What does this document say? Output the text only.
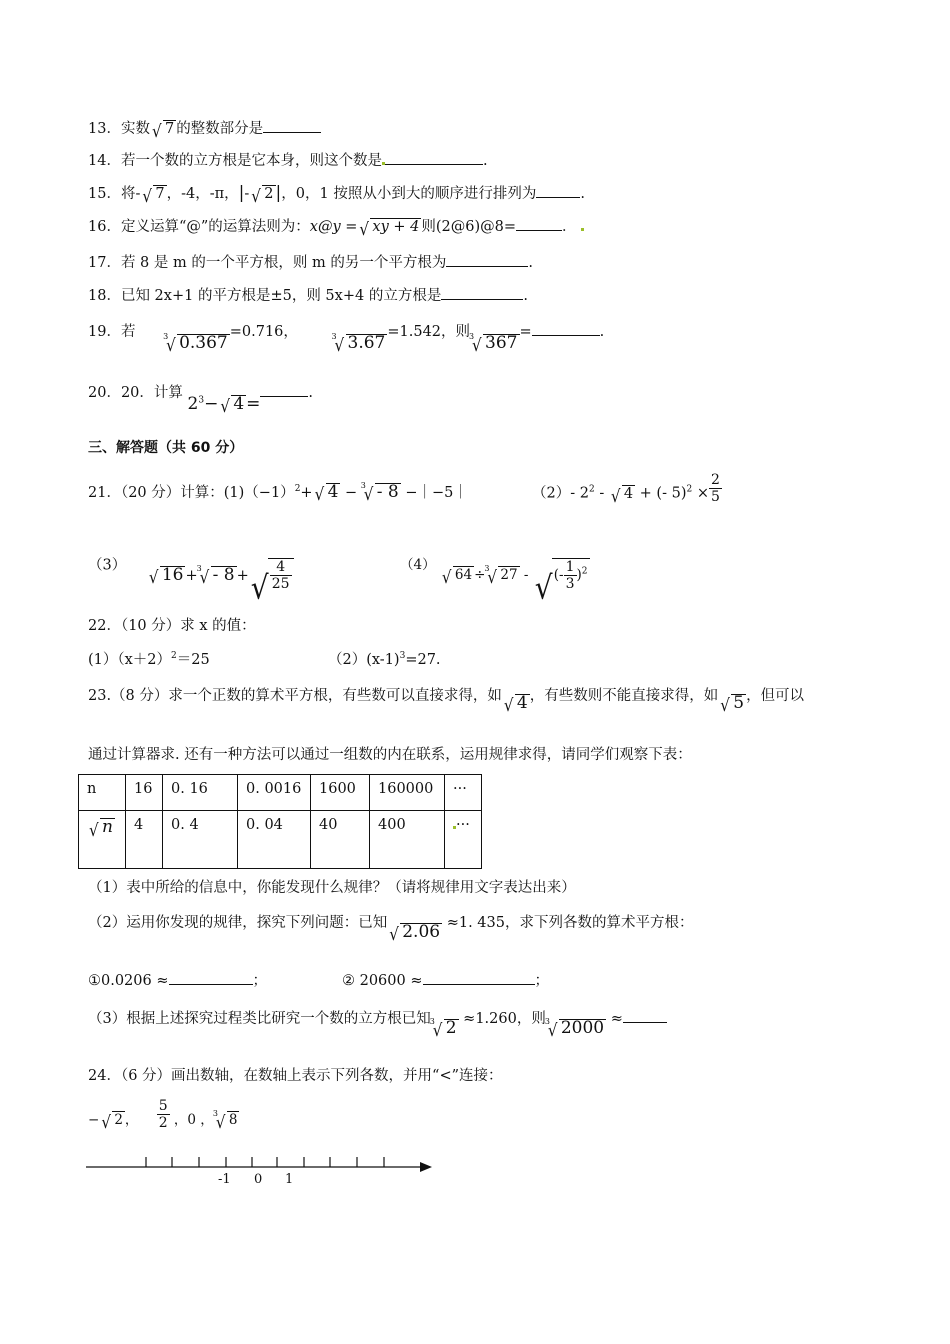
13．实数 √ 7 的整数部分是
14．若一个数的立方根是它本身，则这个数是	.
15．将- √ 7 ，-4，-π，|- √ 2 |，0，1 按照从小到大的顺序进行排列为	.
16．定义运算“@”的运算法则为：x@y = √ xy + 4 则(2@6)@8=	．
17．若 8 是 m 的一个平方根，则 m 的另一个平方根为	.
18．已知 2x+1 的平方根是±5，则 5x+4 的立方根是	.
19．若	3
√ 0.367=0.716，	3
√ 3.67=1.542，则 3
√ 367=	.
20．20．计算 $2^3-$ √ 4 =.
三、解答题（共 60 分）
21．（20 分）计算：$(1)(-1)^2+$ √ 4 − 3
√ - 8 −｜−5｜	（2）- $2^2$ - √ 4 + (- $5)^2 \times \frac{2}{5}$
（3）
√ 16 + 3
√ - 8 + √ $\frac{4}{25}$	（4）
√ 64 ÷ 3
√ 27 - √ (- $\frac{1}{3} )^2$
22．（10 分）求 x 的值：
$(1)(x+2)^2=25$	$(2)(x-1)^3=27$.
23.（8 分）求一个正数的算术平方根，有些数可以直接求得，如 √ 4 ，有些数则不能直接求得，如 √ 5 ，但可以
通过计算器求. 还有一种方法可以通过一组数的内在联系，运用规律求得，请同学们观察下表：
n	16	0. 16	0. 0016	1600	160000	···

√ n	4	0. 4	0. 04	40	400	···
（1）表中所给的信息中，你能发现什么规律？（请将规律用文字表达出来）
（2）运用你发现的规律，探究下列问题：已知
√ 2.06 ≈1. 435，求下列各数的算术平方根：
①0.0206 ≈	；	② 20600 ≈	；
（3）根据上述探究过程类比研究一个数的立方根已知 3
√ 2 ≈1.260，则 3
√ 2000 ≈
24．（6 分）画出数轴，在数轴上表示下列各数，并用“<”连接：
− √ 2 ， $\frac{5}{2}$ ，0 ， 3
√ 8
-1 0 1
